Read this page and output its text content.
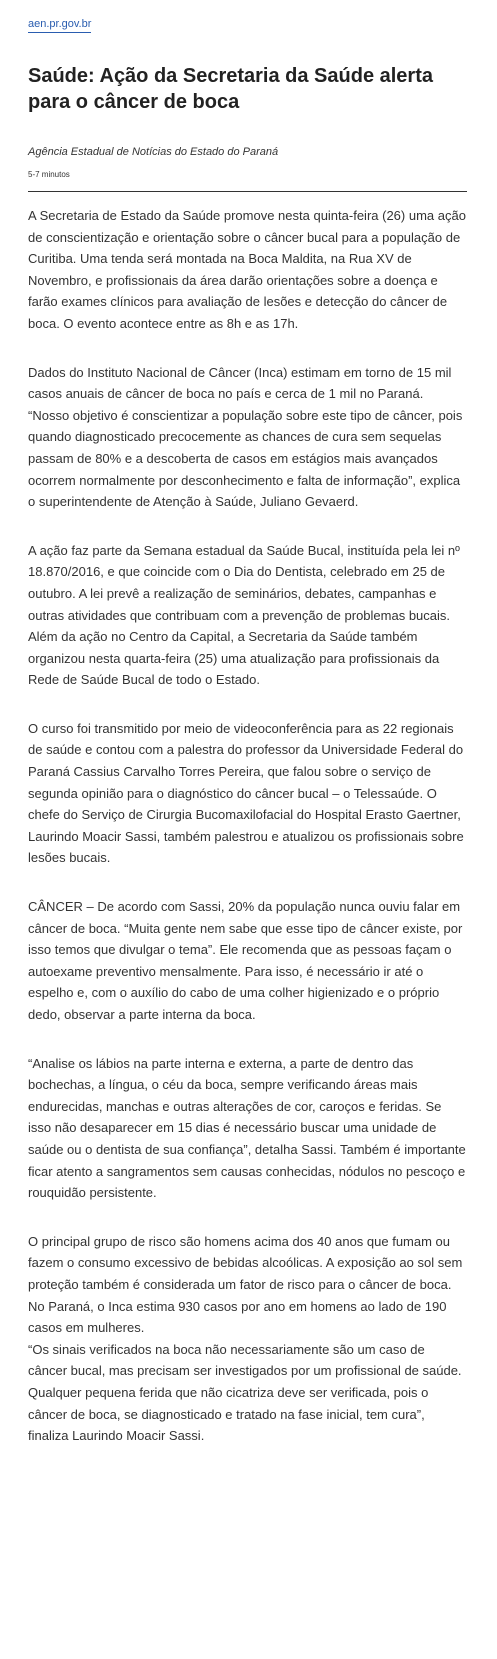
aen.pr.gov.br
Saúde: Ação da Secretaria da Saúde alerta para o câncer de boca
Agência Estadual de Notícias do Estado do Paraná
5-7 minutos

A Secretaria de Estado da Saúde promove nesta quinta-feira (26) uma ação de conscientização e orientação sobre o câncer bucal para a população de Curitiba. Uma tenda será montada na Boca Maldita, na Rua XV de Novembro, e profissionais da área darão orientações sobre a doença e farão exames clínicos para avaliação de lesões e detecção do câncer de boca. O evento acontece entre as 8h e as 17h.

Dados do Instituto Nacional de Câncer (Inca) estimam em torno de 15 mil casos anuais de câncer de boca no país e cerca de 1 mil no Paraná. “Nosso objetivo é conscientizar a população sobre este tipo de câncer, pois quando diagnosticado precocemente as chances de cura sem sequelas passam de 80% e a descoberta de casos em estágios mais avançados ocorrem normalmente por desconhecimento e falta de informação”, explica o superintendente de Atenção à Saúde, Juliano Gevaerd.

A ação faz parte da Semana estadual da Saúde Bucal, instituída pela lei nº 18.870/2016, e que coincide com o Dia do Dentista, celebrado em 25 de outubro. A lei prevê a realização de seminários, debates, campanhas e outras atividades que contribuam com a prevenção de problemas bucais. Além da ação no Centro da Capital, a Secretaria da Saúde também organizou nesta quarta-feira (25) uma atualização para profissionais da Rede de Saúde Bucal de todo o Estado.

O curso foi transmitido por meio de videoconferência para as 22 regionais de saúde e contou com a palestra do professor da Universidade Federal do Paraná Cassius Carvalho Torres Pereira, que falou sobre o serviço de segunda opinião para o diagnóstico do câncer bucal – o Telessaúde. O chefe do Serviço de Cirurgia Bucomaxilofacial do Hospital Erasto Gaertner, Laurindo Moacir Sassi, também palestrou e atualizou os profissionais sobre lesões bucais.

CÂNCER – De acordo com Sassi, 20% da população nunca ouviu falar em câncer de boca. “Muita gente nem sabe que esse tipo de câncer existe, por isso temos que divulgar o tema”. Ele recomenda que as pessoas façam o autoexame preventivo mensalmente. Para isso, é necessário ir até o espelho e, com o auxílio do cabo de uma colher higienizado e o próprio dedo, observar a parte interna da boca.

“Analise os lábios na parte interna e externa, a parte de dentro das bochechas, a língua, o céu da boca, sempre verificando áreas mais endurecidas, manchas e outras alterações de cor, caroços e feridas. Se isso não desaparecer em 15 dias é necessário buscar uma unidade de saúde ou o dentista de sua confiança”, detalha Sassi. Também é importante ficar atento a sangramentos sem causas conhecidas, nódulos no pescoço e rouquidão persistente.

O principal grupo de risco são homens acima dos 40 anos que fumam ou fazem o consumo excessivo de bebidas alcoólicas. A exposição ao sol sem proteção também é considerada um fator de risco para o câncer de boca. No Paraná, o Inca estima 930 casos por ano em homens ao lado de 190 casos em mulheres.

“Os sinais verificados na boca não necessariamente são um caso de câncer bucal, mas precisam ser investigados por um profissional de saúde. Qualquer pequena ferida que não cicatriza deve ser verificada, pois o câncer de boca, se diagnosticado e tratado na fase inicial, tem cura”, finaliza Laurindo Moacir Sassi.
